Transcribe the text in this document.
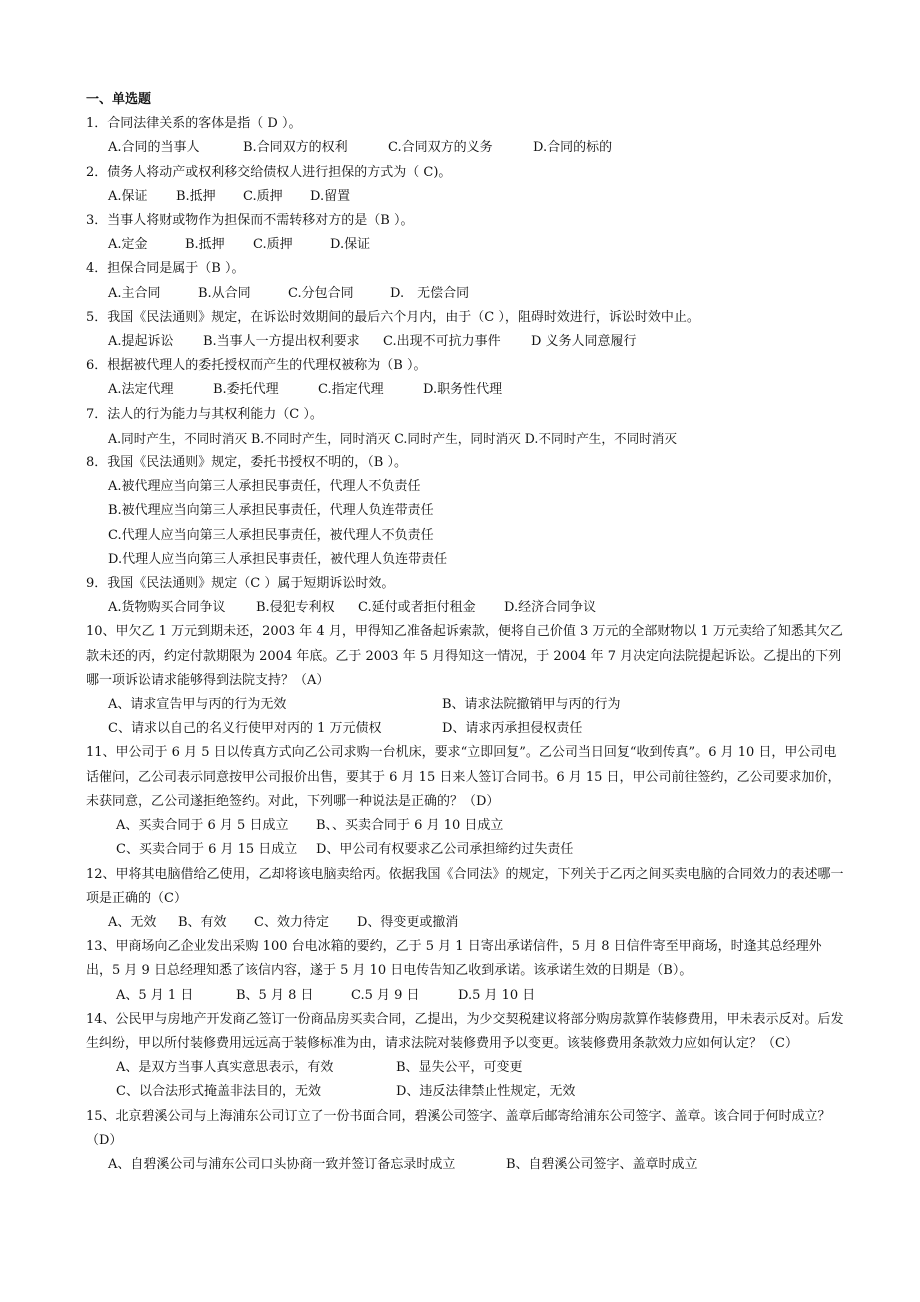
一、单选题
1．合同法律关系的客体是指（ D ）。
A.合同的当事人	B.合同双方的权利	C.合同双方的义务	D.合同的标的
2．债务人将动产或权利移交给债权人进行担保的方式为（ C)。
A.保证 B.抵押 C.质押 D.留置
3．当事人将财或物作为担保而不需转移对方的是（B ）。
A.定金	B.抵押 C.质押	D.保证
4．担保合同是属于（B ）。
A.主合同	B.从合同	C.分包合同	D.　无偿合同
5．我国《民法通则》规定，在诉讼时效期间的最后六个月内，由于（C ），阻碍时效进行，诉讼时效中止。
A.提起诉讼 B.当事人一方提出权利要求 C.出现不可抗力事件 D 义务人同意履行
6．根据被代理人的委托授权而产生的代理权被称为（B ）。
A.法定代理	B.委托代理	C.指定代理	D.职务性代理
7．法人的行为能力与其权利能力（C ）。
A.同时产生，不同时消灭 B.不同时产生，同时消灭 C.同时产生，同时消灭 D.不同时产生，不同时消灭
8．我国《民法通则》规定，委托书授权不明的，（B ）。
A.被代理应当向第三人承担民事责任，代理人不负责任
B.被代理应当向第三人承担民事责任，代理人负连带责任
C.代理人应当向第三人承担民事责任，被代理人不负责任
D.代理人应当向第三人承担民事责任，被代理人负连带责任
9．我国《民法通则》规定（C ）属于短期诉讼时效。
A.货物购买合同争议 B.侵犯专利权 C.延付或者拒付租金 D.经济合同争议
10、甲欠乙 1 万元到期未还，2003 年 4 月，甲得知乙准备起诉索款，便将自己价值 3 万元的全部财物以 1 万元卖给了知悉其欠乙款未还的丙，约定付款期限为 2004 年底。乙于 2003 年 5 月得知这一情况，于 2004 年 7 月决定向法院提起诉讼。乙提出的下列哪一项诉讼请求能够得到法院支持？（A）
A、请求宣告甲与丙的行为无效	B、请求法院撤销甲与丙的行为
C、请求以自己的名义行使甲对丙的 1 万元债权	D、请求丙承担侵权责任
11、甲公司于 6 月 5 日以传真方式向乙公司求购一台机床，要求“立即回复”。乙公司当日回复“收到传真”。6 月 10 日，甲公司电话催问，乙公司表示同意按甲公司报价出售，要其于 6 月 15 日来人签订合同书。6 月 15 日，甲公司前往签约，乙公司要求加价，未获同意，乙公司遂拒绝签约。对此，下列哪一种说法是正确的？（D）
A、买卖合同于 6 月 5 日成立 B、、买卖合同于 6 月 10 日成立
C、买卖合同于 6 月 15 日成立 D、甲公司有权要求乙公司承担缔约过失责任
12、甲将其电脑借给乙使用，乙却将该电脑卖给丙。依据我国《合同法》的规定，下列关于乙丙之间买卖电脑的合同效力的表述哪一项是正确的（C）
A、无效 B、有效 C、效力待定 D、得变更或撤消
13、甲商场向乙企业发出采购 100 台电冰箱的要约，乙于 5 月 1 日寄出承诺信件，5 月 8 日信件寄至甲商场，时逢其总经理外出，5 月 9 日总经理知悉了该信内容，遂于 5 月 10 日电传告知乙收到承诺。该承诺生效的日期是（B）。
A、5 月 1 日	B、5 月 8 日	C.5 月 9 日	D.5 月 10 日
14、公民甲与房地产开发商乙签订一份商品房买卖合同，乙提出，为少交契税建议将部分购房款算作装修费用，甲未表示反对。后发生纠纷，甲以所付装修费用远远高于装修标准为由，请求法院对装修费用予以变更。该装修费用条款效力应如何认定？（C）
A、是双方当事人真实意思表示，有效	B、显失公平，可变更
C、以合法形式掩盖非法目的，无效	D、违反法律禁止性规定，无效
15、北京碧溪公司与上海浦东公司订立了一份书面合同，碧溪公司签字、盖章后邮寄给浦东公司签字、盖章。该合同于何时成立？（D）
A、自碧溪公司与浦东公司口头协商一致并签订备忘录时成立	B、自碧溪公司签字、盖章时成立
